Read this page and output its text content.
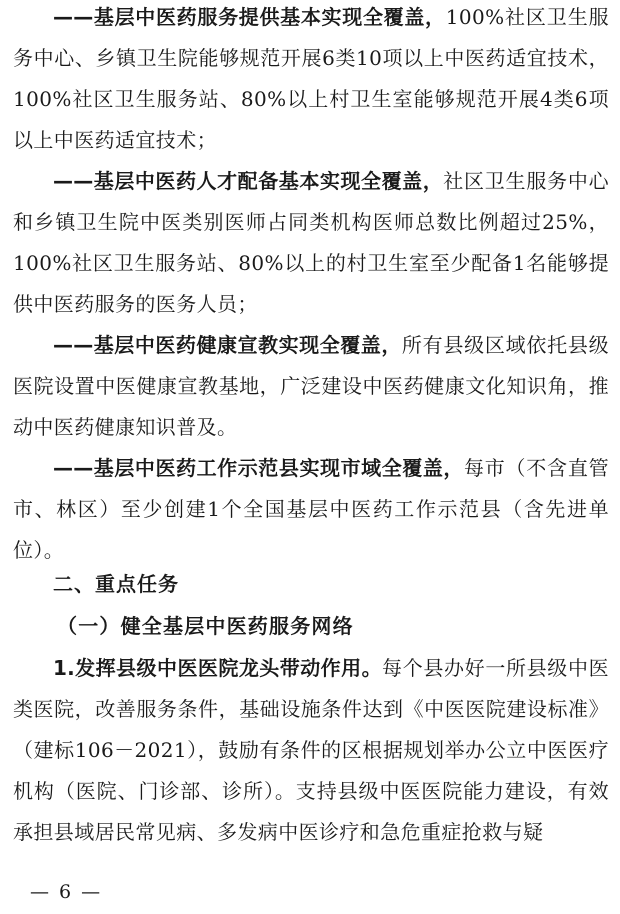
——基层中医药服务提供基本实现全覆盖，100%社区卫生服务中心、乡镇卫生院能够规范开展6类10项以上中医药适宜技术，100%社区卫生服务站、80%以上村卫生室能够规范开展4类6项以上中医药适宜技术；

——基层中医药人才配备基本实现全覆盖，社区卫生服务中心和乡镇卫生院中医类别医师占同类机构医师总数比例超过25%，100%社区卫生服务站、80%以上的村卫生室至少配备1名能够提供中医药服务的医务人员；

——基层中医药健康宣教实现全覆盖，所有县级区域依托县级医院设置中医健康宣教基地，广泛建设中医药健康文化知识角，推动中医药健康知识普及。

——基层中医药工作示范县实现市域全覆盖，每市（不含直管市、林区）至少创建1个全国基层中医药工作示范县（含先进单位）。

二、重点任务
（一）健全基层中医药服务网络

1.发挥县级中医医院龙头带动作用。每个县办好一所县级中医类医院，改善服务条件，基础设施条件达到《中医医院建设标准》（建标106－2021），鼓励有条件的区根据规划举办公立中医医疗机构（医院、门诊部、诊所）。支持县级中医医院能力建设，有效承担县域居民常见病、多发病中医诊疗和急危重症抢救与疑

— 6 —
